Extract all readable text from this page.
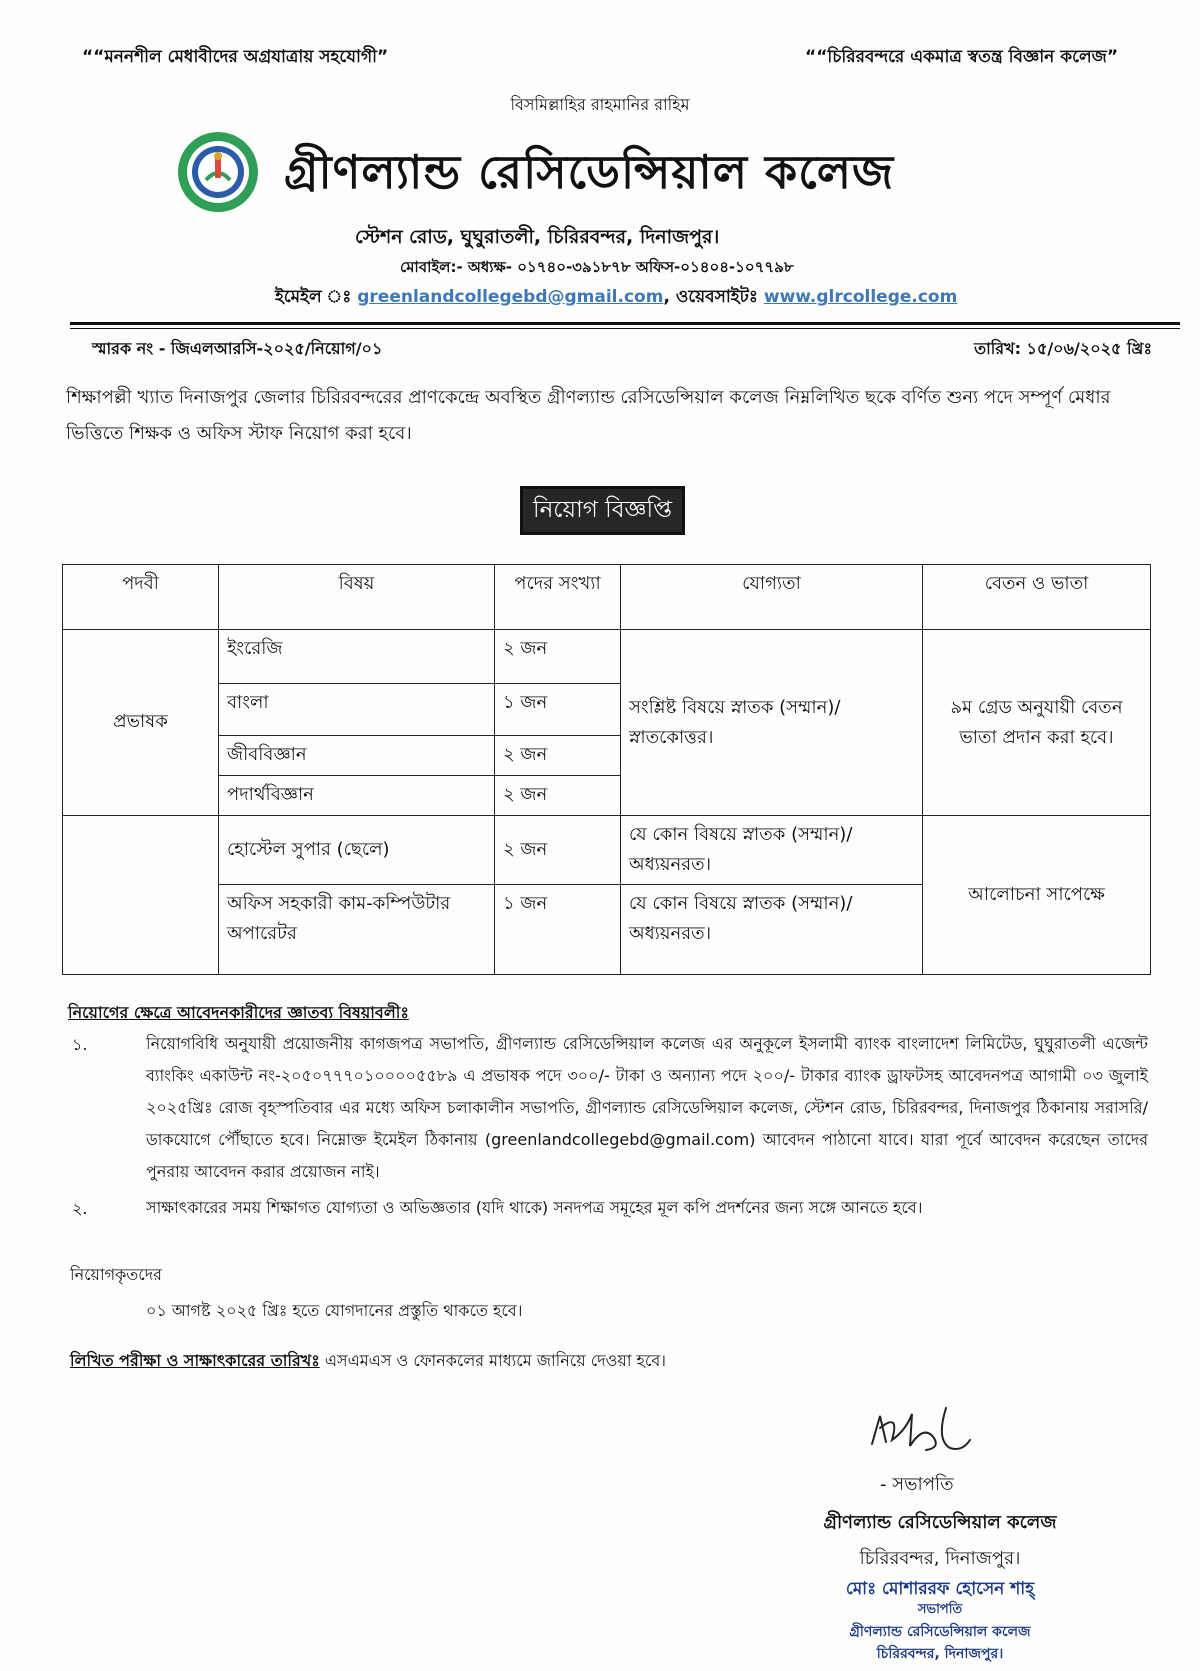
““মননশীল মেধাবীদের অগ্রযাত্রায় সহযোগী”	““চিরিরবন্দরে একমাত্র স্বতন্ত্র বিজ্ঞান কলেজ”
বিসমিল্লাহির রাহমানির রাহিম
গ্রীণল্যান্ড রেসিডেন্সিয়াল কলেজ
স্টেশন রোড, ঘুঘুরাতলী, চিরিরবন্দর, দিনাজপুর।
মোবাইল:- অধ্যক্ষ- ০১৭৪০-৩৯১৮৭৮ অফিস-০১৪০৪-১০৭৭৯৮
ইমেইল ঃ greenlandcollegebd@gmail.com, ওয়েবসাইটঃ www.glrcollege.com
স্মারক নং - জিএলআরসি-২০২৫/নিয়োগ/০১	তারিখ: ১৫/০৬/২০২৫ খ্রিঃ
শিক্ষাপল্লী খ্যাত দিনাজপুর জেলার চিরিরবন্দরের প্রাণকেন্দ্রে অবস্থিত গ্রীণল্যান্ড রেসিডেন্সিয়াল কলেজ নিম্নলিখিত ছকে বর্ণিত শুন্য পদে সম্পূর্ণ মেধার ভিত্তিতে শিক্ষক ও অফিস স্টাফ নিয়োগ করা হবে।
নিয়োগ বিজ্ঞপ্তি
পদবী	বিষয়	পদের সংখ্যা	যোগ্যতা	বেতন ও ভাতা
প্রভাষক	ইংরেজি	২ জন	সংশ্লিষ্ট বিষয়ে স্নাতক (সম্মান)/ স্নাতকোত্তর।	৯ম গ্রেড অনুযায়ী বেতন ভাতা প্রদান করা হবে।
	বাংলা	১ জন		
	জীববিজ্ঞান	২ জন		
	পদার্থবিজ্ঞান	২ জন		
	হোস্টেল সুপার (ছেলে)	২ জন	যে কোন বিষয়ে স্নাতক (সম্মান)/ অধ্যয়নরত।	আলোচনা সাপেক্ষে
	অফিস সহকারী কাম-কম্পিউটার অপারেটর	১ জন	যে কোন বিষয়ে স্নাতক (সম্মান)/ অধ্যয়নরত।	
নিয়োগের ক্ষেত্রে আবেদনকারীদের জ্ঞাতব্য বিষয়াবলীঃ
১.	নিয়োগবিধি অনুযায়ী প্রয়োজনীয় কাগজপত্র সভাপতি, গ্রীণল্যান্ড রেসিডেন্সিয়াল কলেজ এর অনুকূলে ইসলামী ব্যাংক বাংলাদেশ লিমিটেড, ঘুঘুরাতলী এজেন্ট ব্যাংকিং একাউন্ট নং-২০৫০৭৭৭০১০০০০৫৫৮৯ এ প্রভাষক পদে ৩০০/- টাকা ও অন্যান্য পদে ২০০/- টাকার ব্যাংক ড্রাফটসহ আবেদনপত্র আগামী ০৩ জুলাই ২০২৫খ্রিঃ রোজ বৃহস্পতিবার এর মধ্যে অফিস চলাকালীন সভাপতি, গ্রীণল্যান্ড রেসিডেন্সিয়াল কলেজ, স্টেশন রোড, চিরিরবন্দর, দিনাজপুর ঠিকানায় সরাসরি/ডাকযোগে পৌঁছাতে হবে। নিম্নোক্ত ইমেইল ঠিকানায় (greenlandcollegebd@gmail.com) আবেদন পাঠানো যাবে। যারা পূর্বে আবেদন করেছেন তাদের পুনরায় আবেদন করার প্রয়োজন নাই।
২.	সাক্ষাৎকারের সময় শিক্ষাগত যোগ্যতা ও অভিজ্ঞতার (যদি থাকে) সনদপত্র সমূহের মূল কপি প্রদর্শনের জন্য সঙ্গে আনতে হবে।
নিয়োগকৃতদের
০১ আগষ্ট ২০২৫ খ্রিঃ হতে যোগদানের প্রস্তুতি থাকতে হবে।
লিখিত পরীক্ষা ও সাক্ষাৎকারের তারিখঃ এসএমএস ও ফোনকলের মাধ্যমে জানিয়ে দেওয়া হবে।
- সভাপতি
গ্রীণল্যান্ড রেসিডেন্সিয়াল কলেজ
চিরিরবন্দর, দিনাজপুর।
মোঃ মোশাররফ হোসেন শাহ্
সভাপতি
গ্রীণল্যান্ড রেসিডেন্সিয়াল কলেজ
চিরিরবন্দর, দিনাজপুর।
